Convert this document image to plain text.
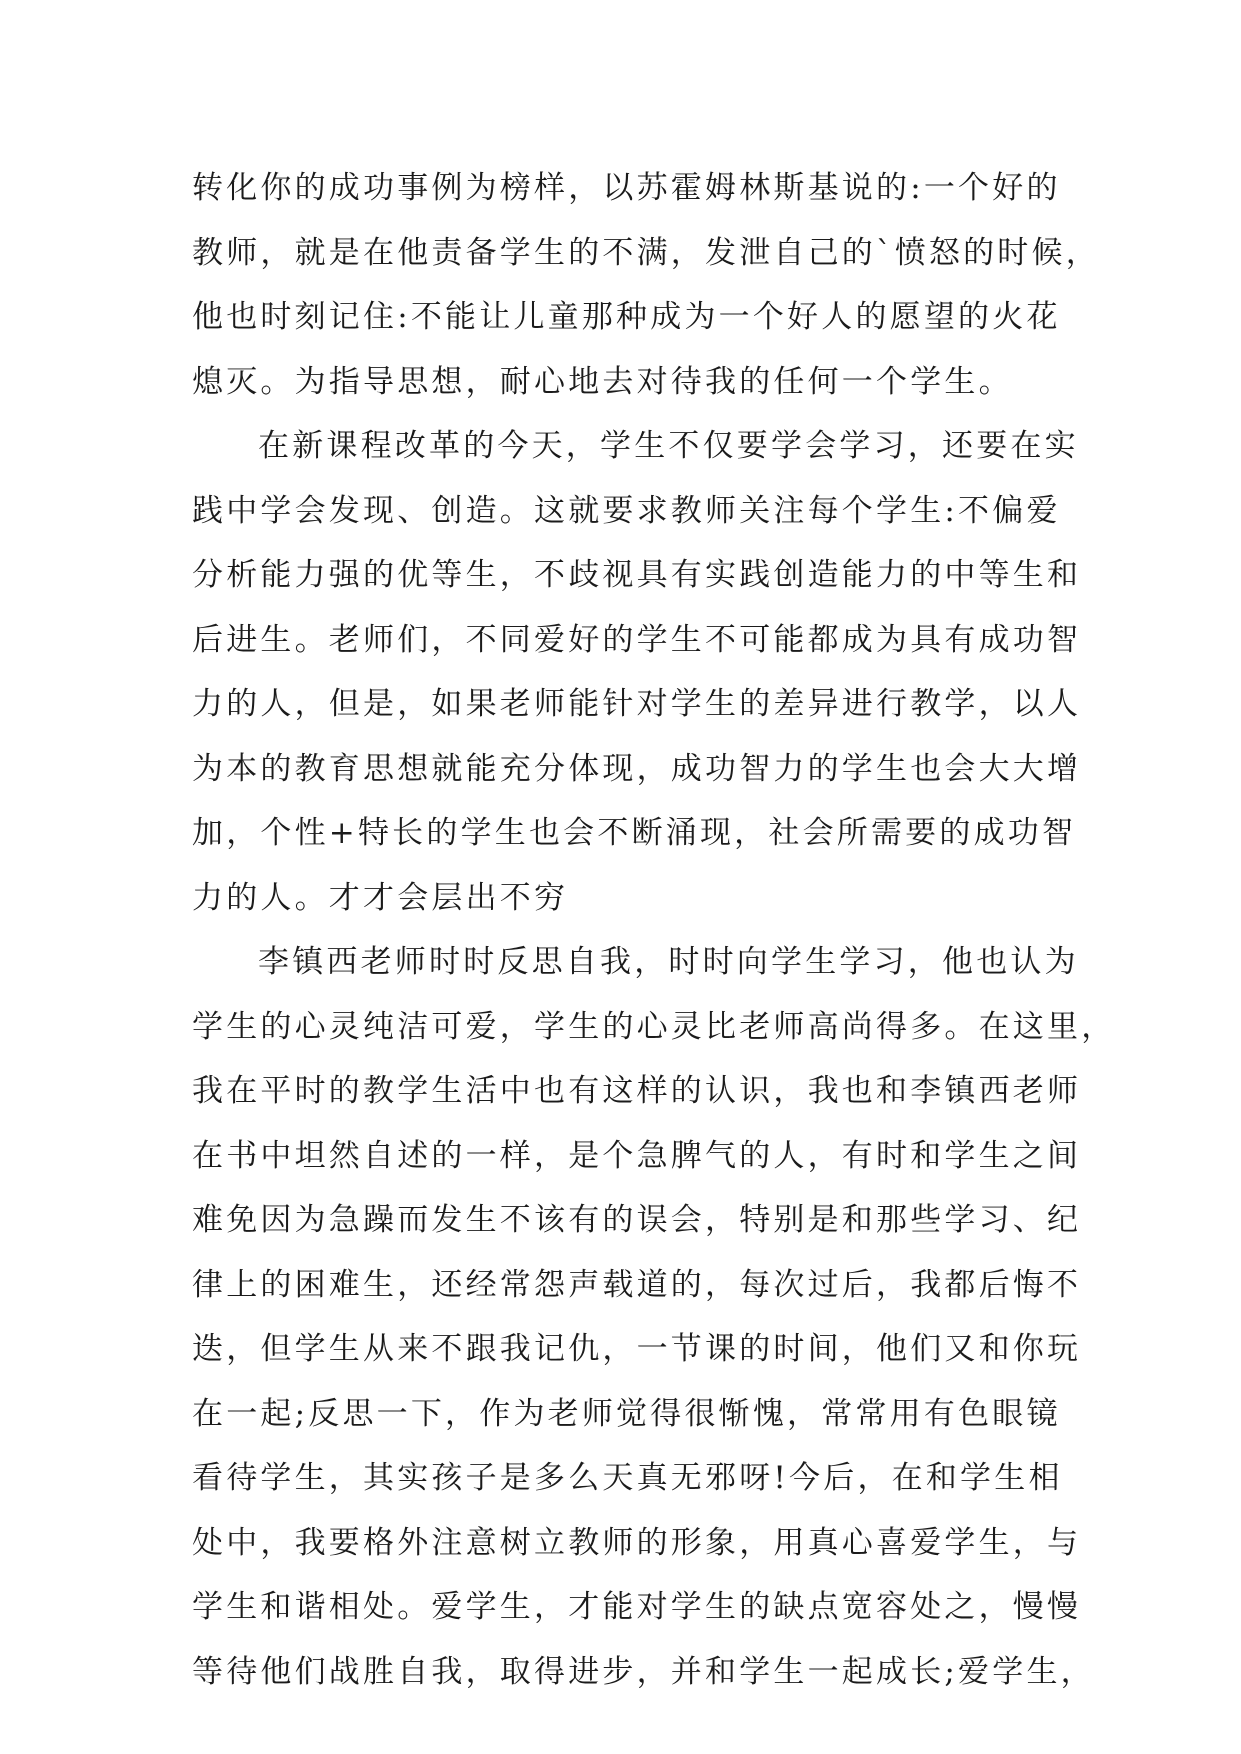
转化你的成功事例为榜样，以苏霍姆林斯基说的:一个好的
教师，就是在他责备学生的不满，发泄自己的`愤怒的时候，
他也时刻记住:不能让儿童那种成为一个好人的愿望的火花
熄灭。为指导思想，耐心地去对待我的任何一个学生。
在新课程改革的今天，学生不仅要学会学习，还要在实
践中学会发现、创造。这就要求教师关注每个学生:不偏爱
分析能力强的优等生，不歧视具有实践创造能力的中等生和
后进生。老师们，不同爱好的学生不可能都成为具有成功智
力的人，但是，如果老师能针对学生的差异进行教学，以人
为本的教育思想就能充分体现，成功智力的学生也会大大增
加，个性+特长的学生也会不断涌现，社会所需要的成功智
力的人。才才会层出不穷
李镇西老师时时反思自我，时时向学生学习，他也认为
学生的心灵纯洁可爱，学生的心灵比老师高尚得多。在这里，
我在平时的教学生活中也有这样的认识，我也和李镇西老师
在书中坦然自述的一样，是个急脾气的人，有时和学生之间
难免因为急躁而发生不该有的误会，特别是和那些学习、纪
律上的困难生，还经常怨声载道的，每次过后，我都后悔不
迭，但学生从来不跟我记仇，一节课的时间，他们又和你玩
在一起;反思一下，作为老师觉得很惭愧，常常用有色眼镜
看待学生，其实孩子是多么天真无邪呀!今后，在和学生相
处中，我要格外注意树立教师的形象，用真心喜爱学生，与
学生和谐相处。爱学生，才能对学生的缺点宽容处之，慢慢
等待他们战胜自我，取得进步，并和学生一起成长;爱学生，
